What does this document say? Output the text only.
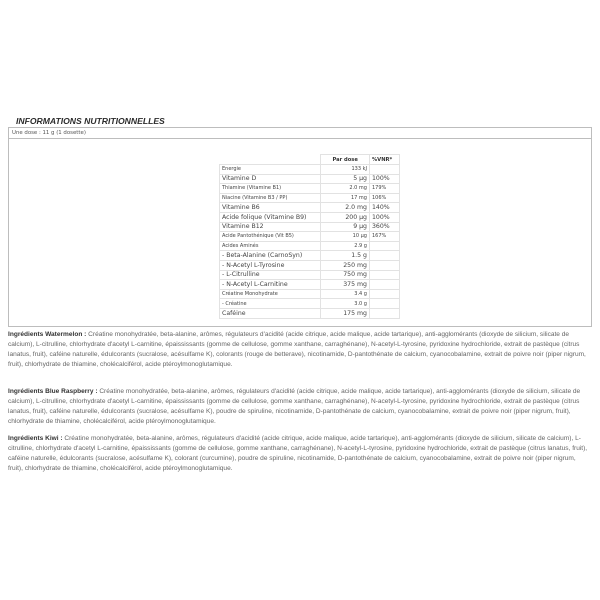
INFORMATIONS NUTRITIONNELLES
Une dose : 11 g (1 dosette)
	Par dose	%VNR*
Energie	133 kJ	
Vitamine D	5 µg	100%
Thiamine (Vitamine B1)	2.0 mg	179%
Niacine (Vitamine B3 / PP)	17 mg	106%
Vitamine B6	2.0 mg	140%
Acide folique (Vitamine B9)	200 µg	100%
Vitamine B12	9 µg	360%
Acide Pantothénique (Vit B5)	10 µg	167%
Acides Aminés	2.9 g	
- Beta-Alanine (CarnoSyn)	1.5 g	
- N-Acetyl L-Tyrosine	250 mg	
- L-Citrulline	750 mg	
- N-Acetyl L-Carnitine	375 mg	
Créatine Monohydrate	3.4 g	
- Créatine	3.0 g	
Caféine	175 mg	
Ingrédients Watermelon : Créatine monohydratée, beta-alanine, arômes, régulateurs d'acidité (acide citrique, acide malique, acide tartarique), anti-agglomérants (dioxyde de silicium, silicate de calcium), L-citrulline, chlorhydrate d'acetyl L-carnitine, épaississants (gomme de cellulose, gomme xanthane, carraghénane), N-acetyl-L-tyrosine, pyridoxine hydrochloride, extrait de pastèque (citrus lanatus, fruit), caféine naturelle, édulcorants (sucralose, acésulfame K), colorants (rouge de betterave), nicotinamide, D-pantothénate de calcium, cyanocobalamine, extrait de poivre noir (piper nigrum, fruit), chlorhydrate de thiamine, cholécalciférol, acide ptéroylmonoglutamique.
Ingrédients Blue Raspberry : Créatine monohydratée, beta-alanine, arômes, régulateurs d'acidité (acide citrique, acide malique, acide tartarique), anti-agglomérants (dioxyde de silicium, silicate de calcium), L-citrulline, chlorhydrate d'acetyl L-carnitine, épaississants (gomme de cellulose, gomme xanthane, carraghénane), N-acetyl-L-tyrosine, pyridoxine hydrochloride, extrait de pastèque (citrus lanatus, fruit), caféine naturelle, édulcorants (sucralose, acésulfame K), poudre de spiruline, nicotinamide, D-pantothénate de calcium, cyanocobalamine, extrait de poivre noir (piper nigrum, fruit), chlorhydrate de thiamine, cholécalciférol, acide ptéroylmonoglutamique.
Ingrédients Kiwi : Créatine monohydratée, beta-alanine, arômes, régulateurs d'acidité (acide citrique, acide malique, acide tartarique), anti-agglomérants (dioxyde de silicium, silicate de calcium), L-citrulline, chlorhydrate d'acetyl L-carnitine, épaississants (gomme de cellulose, gomme xanthane, carraghénane), N-acetyl-L-tyrosine, pyridoxine hydrochloride, extrait de pastèque (citrus lanatus, fruit), caféine naturelle, édulcorants (sucralose, acésulfame K), colorant (curcumine), poudre de spiruline, nicotinamide, D-pantothénate de calcium, cyanocobalamine, extrait de poivre noir (piper nigrum, fruit), chlorhydrate de thiamine, cholécalciférol, acide ptéroylmonoglutamique.
